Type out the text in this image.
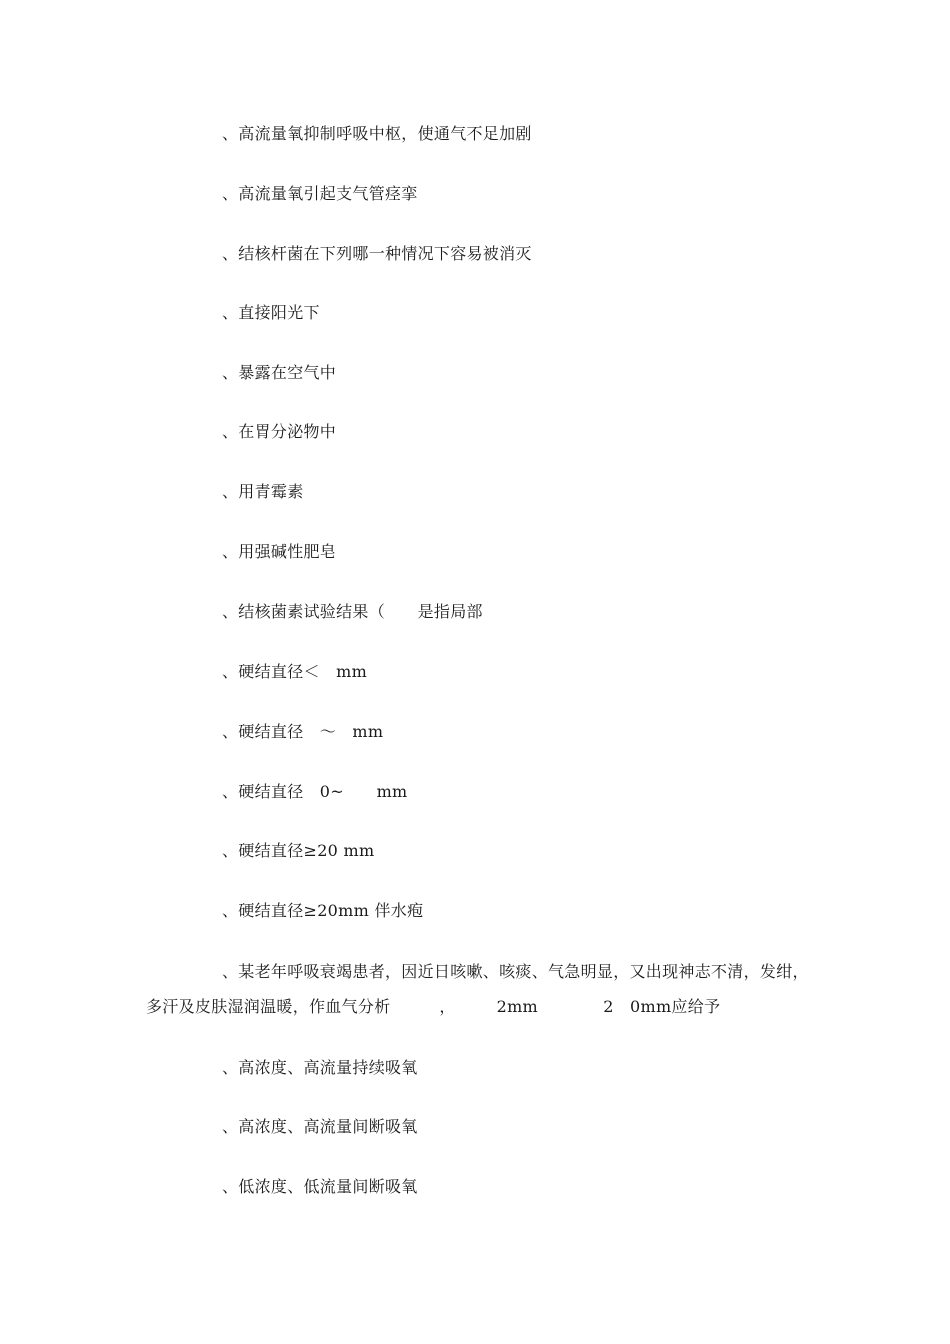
、高流量氧抑制呼吸中枢，使通气不足加剧
、高流量氧引起支气管痉挛
、结核杆菌在下列哪一种情况下容易被消灭
、直接阳光下
、暴露在空气中
、在胃分泌物中
、用青霉素
、用强碱性肥皂
、结核菌素试验结果（　　是指局部
、硬结直径＜　mm
、硬结直径　～　mm
、硬结直径　0~　　mm
、硬结直径≥20 mm
、硬结直径≥20mm 伴水疱
、某老年呼吸衰竭患者，因近日咳嗽、咳痰、气急明显，又出现神志不清，发绀，
多汗及皮肤湿润温暖，作血气分析　　　，　　　2mm　　　　2　0mm应给予
、高浓度、高流量持续吸氧
、高浓度、高流量间断吸氧
、低浓度、低流量间断吸氧
